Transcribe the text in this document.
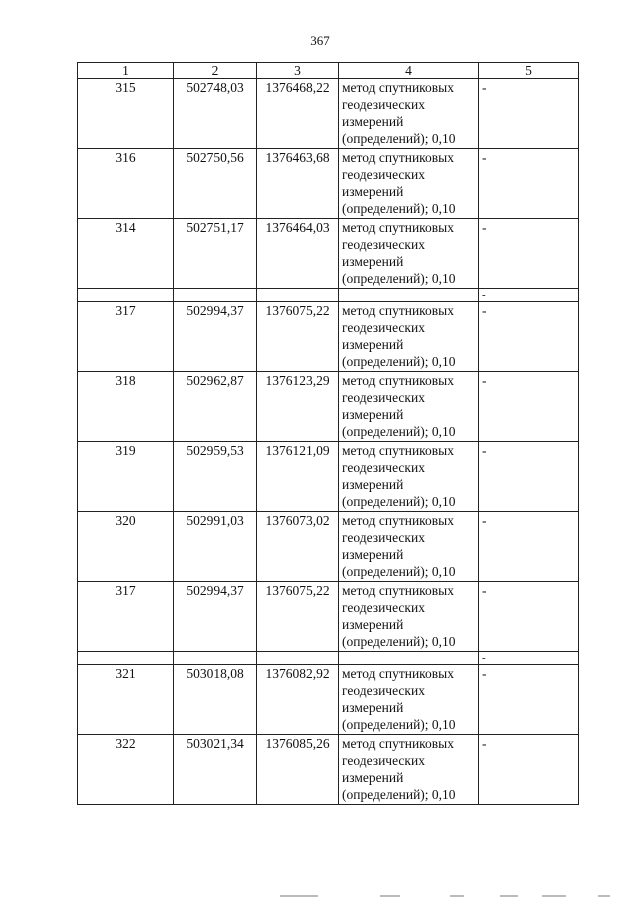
367
1	2	3	4	5
315	502748,03	1376468,22	метод спутниковых геодезических измерений (определений); 0,10	-
316	502750,56	1376463,68	метод спутниковых геодезических измерений (определений); 0,10	-
314	502751,17	1376464,03	метод спутниковых геодезических измерений (определений); 0,10	-
				-
317	502994,37	1376075,22	метод спутниковых геодезических измерений (определений); 0,10	-
318	502962,87	1376123,29	метод спутниковых геодезических измерений (определений); 0,10	-
319	502959,53	1376121,09	метод спутниковых геодезических измерений (определений); 0,10	-
320	502991,03	1376073,02	метод спутниковых геодезических измерений (определений); 0,10	-
317	502994,37	1376075,22	метод спутниковых геодезических измерений (определений); 0,10	-
				-
321	503018,08	1376082,92	метод спутниковых геодезических измерений (определений); 0,10	-
322	503021,34	1376085,26	метод спутниковых геодезических измерений (определений); 0,10	-
